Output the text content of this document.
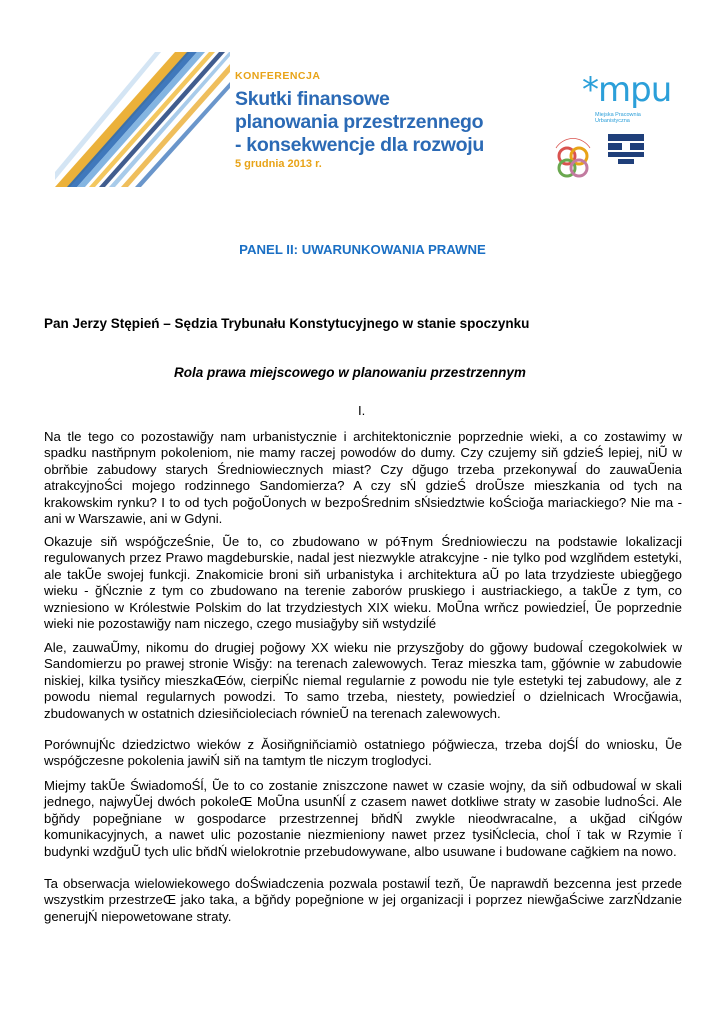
KONFERENCJA
Skutki finansowe
planowania przestrzennego
- konsekwencje dla rozwoju
5 grudnia 2013 r.
*mpu
Miejska Pracownia Urbanistyczna
PANEL II: UWARUNKOWANIA PRAWNE
Pan Jerzy Stępień – Sędzia Trybunału Konstytucyjnego w stanie spoczynku
Rola prawa miejscowego w planowaniu przestrzennym
I.

Na tle tego co pozostawiğy nam urbanistycznie i architektonicznie poprzednie wieki, a co zostawimy w spadku nastňpnym pokoleniom, nie mamy raczej powodów do dumy. Czy czujemy siň gdzieŚ lepiej, niŨ w obrňbie zabudowy starych Średniowiecznych miast? Czy dğugo trzeba przekonywaĺ do zauwaŨenia atrakcyjnoŚci mojego rodzinnego Sandomierza? A czy sŃ gdzieŚ droŨsze mieszkania od tych na krakowskim rynku? I to od tych poğoŨonych w bezpoŚrednim sŃsiedztwie koŚcioğa mariackiego? Nie ma - ani w Warszawie, ani w Gdyni.

Okazuje siň wspóğczeŚnie, Ũe to, co zbudowano w póŦnym Średniowieczu na podstawie lokalizacji regulowanych przez Prawo magdeburskie, nadal jest niezwykle atrakcyjne - nie tylko pod wzglňdem estetyki, ale takŨe swojej funkcji. Znakomicie broni siň urbanistyka i architektura aŨ po lata trzydzieste ubiegğego wieku - ğŃcznie z tym co zbudowano na terenie zaborów pruskiego i austriackiego, a takŨe z tym, co wzniesiono w Królestwie Polskim do lat trzydziestych XIX wieku. MoŨna wrňcz powiedzieĺ, Ũe poprzednie wieki nie pozostawiğy nam niczego, czego musiağyby siň wstydziĺé

Ale, zauwaŨmy, nikomu do drugiej poğowy XX wieku nie przyszğoby do gğowy budowaĺ czegokolwiek w Sandomierzu po prawej stronie Wisğy: na terenach zalewowych. Teraz mieszka tam, gğównie w zabudowie niskiej, kilka tysiňcy mieszkaŒów, cierpiŃc niemal regularnie z powodu nie tyle estetyki tej zabudowy, ale z powodu niemal regularnych powodzi. To samo trzeba, niestety, powiedzieĺ o dzielnicach Wrocğawia, zbudowanych w ostatnich dziesiňcioleciach równieŨ na terenach zalewowych.

PorównujŃc dziedzictwo wieków z Ăosiňgniňciamiò ostatniego póğwiecza, trzeba dojŚĺ do wniosku, Ũe wspóğczesne pokolenia jawiŃ siň na tamtym tle niczym troglodyci.

Miejmy takŨe ŚwiadomoŚĺ, Ũe to co zostanie zniszczone nawet w czasie wojny, da siň odbudowaĺ w skali jednego, najwyŨej dwóch pokoleŒ MoŨna usunŃĺ z czasem nawet dotkliwe straty w zasobie ludnoŚci. Ale bğňdy popeğniane w gospodarce przestrzennej bňdŃ zwykle nieodwracalne, a ukğad ciŃgów komunikacyjnych, a nawet ulic pozostanie niezmieniony nawet przez tysiŃclecia, choĺ ï tak w Rzymie ï budynki wzdğuŨ tych ulic bňdŃ wielokrotnie przebudowywane, albo usuwane i budowane cağkiem na nowo.

Ta obserwacja wielowiekowego doŚwiadczenia pozwala postawiĺ tezň, Ũe naprawdň bezcenna jest przede wszystkim przestrzeŒ jako taka, a bğňdy popeğnione w jej organizacji i poprzez niewğaŚciwe zarzŃdzanie generujŃ niepowetowane straty.
